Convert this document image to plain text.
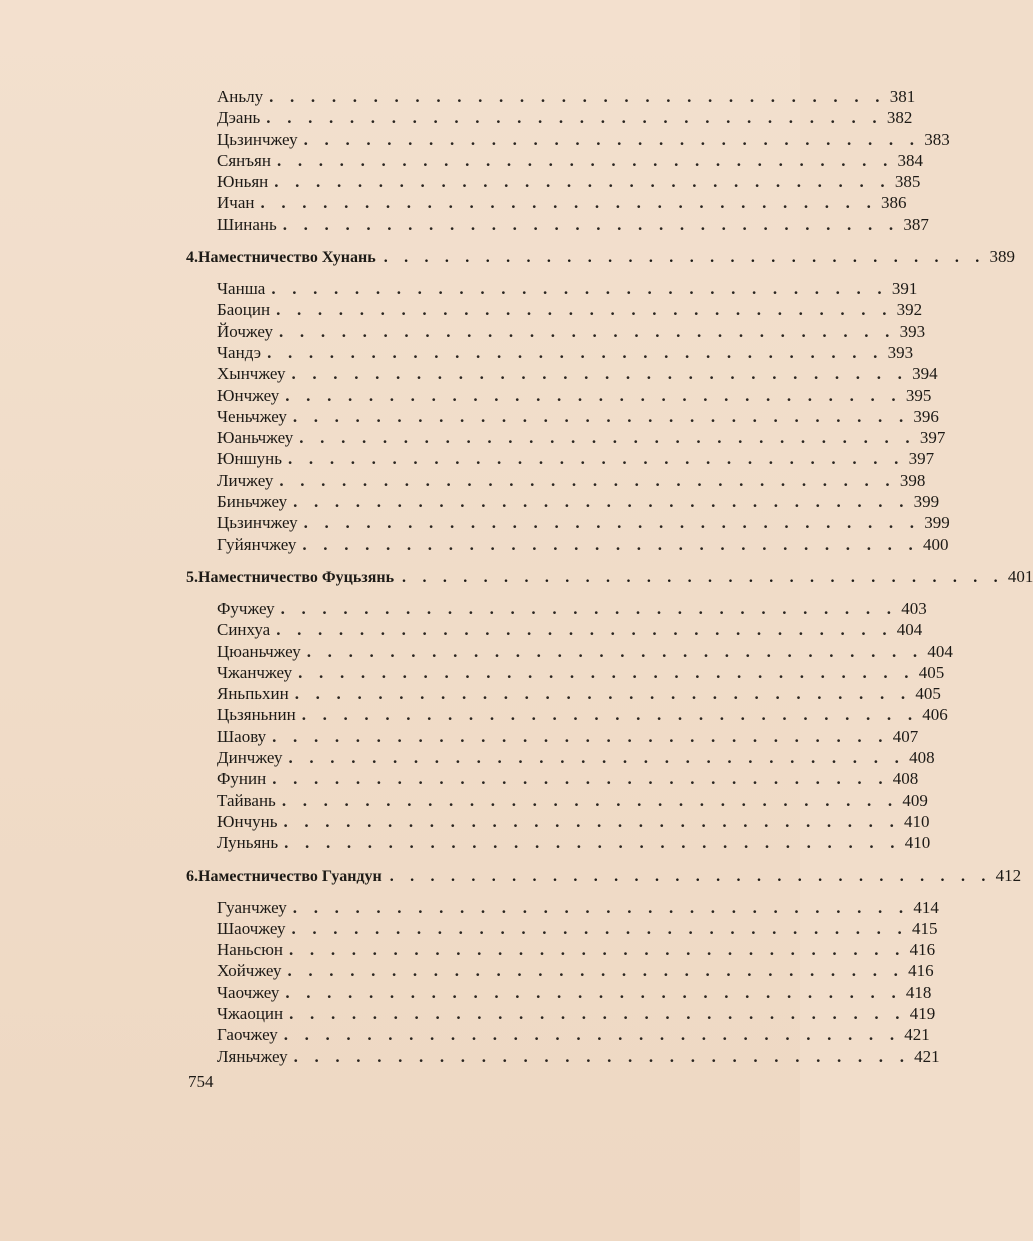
Аньлу . . . . . . . . . . . . . . . . . . . . . . . . . . . . . . 381
Дэань . . . . . . . . . . . . . . . . . . . . . . . . . . . . . . 382
Цьзинчжеу . . . . . . . . . . . . . . . . . . . . . . . . . . . . . . 383
Сянъян . . . . . . . . . . . . . . . . . . . . . . . . . . . . . . 384
Юньян . . . . . . . . . . . . . . . . . . . . . . . . . . . . . . 385
Ичан . . . . . . . . . . . . . . . . . . . . . . . . . . . . . . 386
Шинань . . . . . . . . . . . . . . . . . . . . . . . . . . . . . . 387
4. Наместничество Хунань . . . . . . . . . . . . . . . . . . . . . . . . . . . . . . 389
Чанша . . . . . . . . . . . . . . . . . . . . . . . . . . . . . . 391
Баоцин . . . . . . . . . . . . . . . . . . . . . . . . . . . . . . 392
Йочжеу . . . . . . . . . . . . . . . . . . . . . . . . . . . . . . 393
Чандэ . . . . . . . . . . . . . . . . . . . . . . . . . . . . . . 393
Хынчжеу . . . . . . . . . . . . . . . . . . . . . . . . . . . . . . 394
Юнчжеу . . . . . . . . . . . . . . . . . . . . . . . . . . . . . . 395
Ченьчжеу . . . . . . . . . . . . . . . . . . . . . . . . . . . . . . 396
Юаньчжеу . . . . . . . . . . . . . . . . . . . . . . . . . . . . . . 397
Юншунь . . . . . . . . . . . . . . . . . . . . . . . . . . . . . . 397
Личжеу . . . . . . . . . . . . . . . . . . . . . . . . . . . . . . 398
Биньчжеу . . . . . . . . . . . . . . . . . . . . . . . . . . . . . . 399
Цьзинчжеу . . . . . . . . . . . . . . . . . . . . . . . . . . . . . . 399
Гуйянчжеу . . . . . . . . . . . . . . . . . . . . . . . . . . . . . . 400
5. Наместничество Фуцьзянь . . . . . . . . . . . . . . . . . . . . . . . . . . . . . . 401
Фучжеу . . . . . . . . . . . . . . . . . . . . . . . . . . . . . . 403
Синхуа . . . . . . . . . . . . . . . . . . . . . . . . . . . . . . 404
Цюаньчжеу . . . . . . . . . . . . . . . . . . . . . . . . . . . . . . 404
Чжанчжеу . . . . . . . . . . . . . . . . . . . . . . . . . . . . . . 405
Яньпьхин . . . . . . . . . . . . . . . . . . . . . . . . . . . . . . 405
Цьзяньнин . . . . . . . . . . . . . . . . . . . . . . . . . . . . . . 406
Шаову . . . . . . . . . . . . . . . . . . . . . . . . . . . . . . 407
Динчжеу . . . . . . . . . . . . . . . . . . . . . . . . . . . . . . 408
Фунин . . . . . . . . . . . . . . . . . . . . . . . . . . . . . . 408
Тайвань . . . . . . . . . . . . . . . . . . . . . . . . . . . . . . 409
Юнчунь . . . . . . . . . . . . . . . . . . . . . . . . . . . . . . 410
Луньянь . . . . . . . . . . . . . . . . . . . . . . . . . . . . . . 410
6. Наместничество Гуандун . . . . . . . . . . . . . . . . . . . . . . . . . . . . . . 412
Гуанчжеу . . . . . . . . . . . . . . . . . . . . . . . . . . . . . . 414
Шаочжеу . . . . . . . . . . . . . . . . . . . . . . . . . . . . . . 415
Наньсюн . . . . . . . . . . . . . . . . . . . . . . . . . . . . . . 416
Хойчжеу . . . . . . . . . . . . . . . . . . . . . . . . . . . . . . 416
Чаочжеу . . . . . . . . . . . . . . . . . . . . . . . . . . . . . . 418
Чжаоцин . . . . . . . . . . . . . . . . . . . . . . . . . . . . . . 419
Гаочжеу . . . . . . . . . . . . . . . . . . . . . . . . . . . . . . 421
Ляньчжеу . . . . . . . . . . . . . . . . . . . . . . . . . . . . . . 421
754
